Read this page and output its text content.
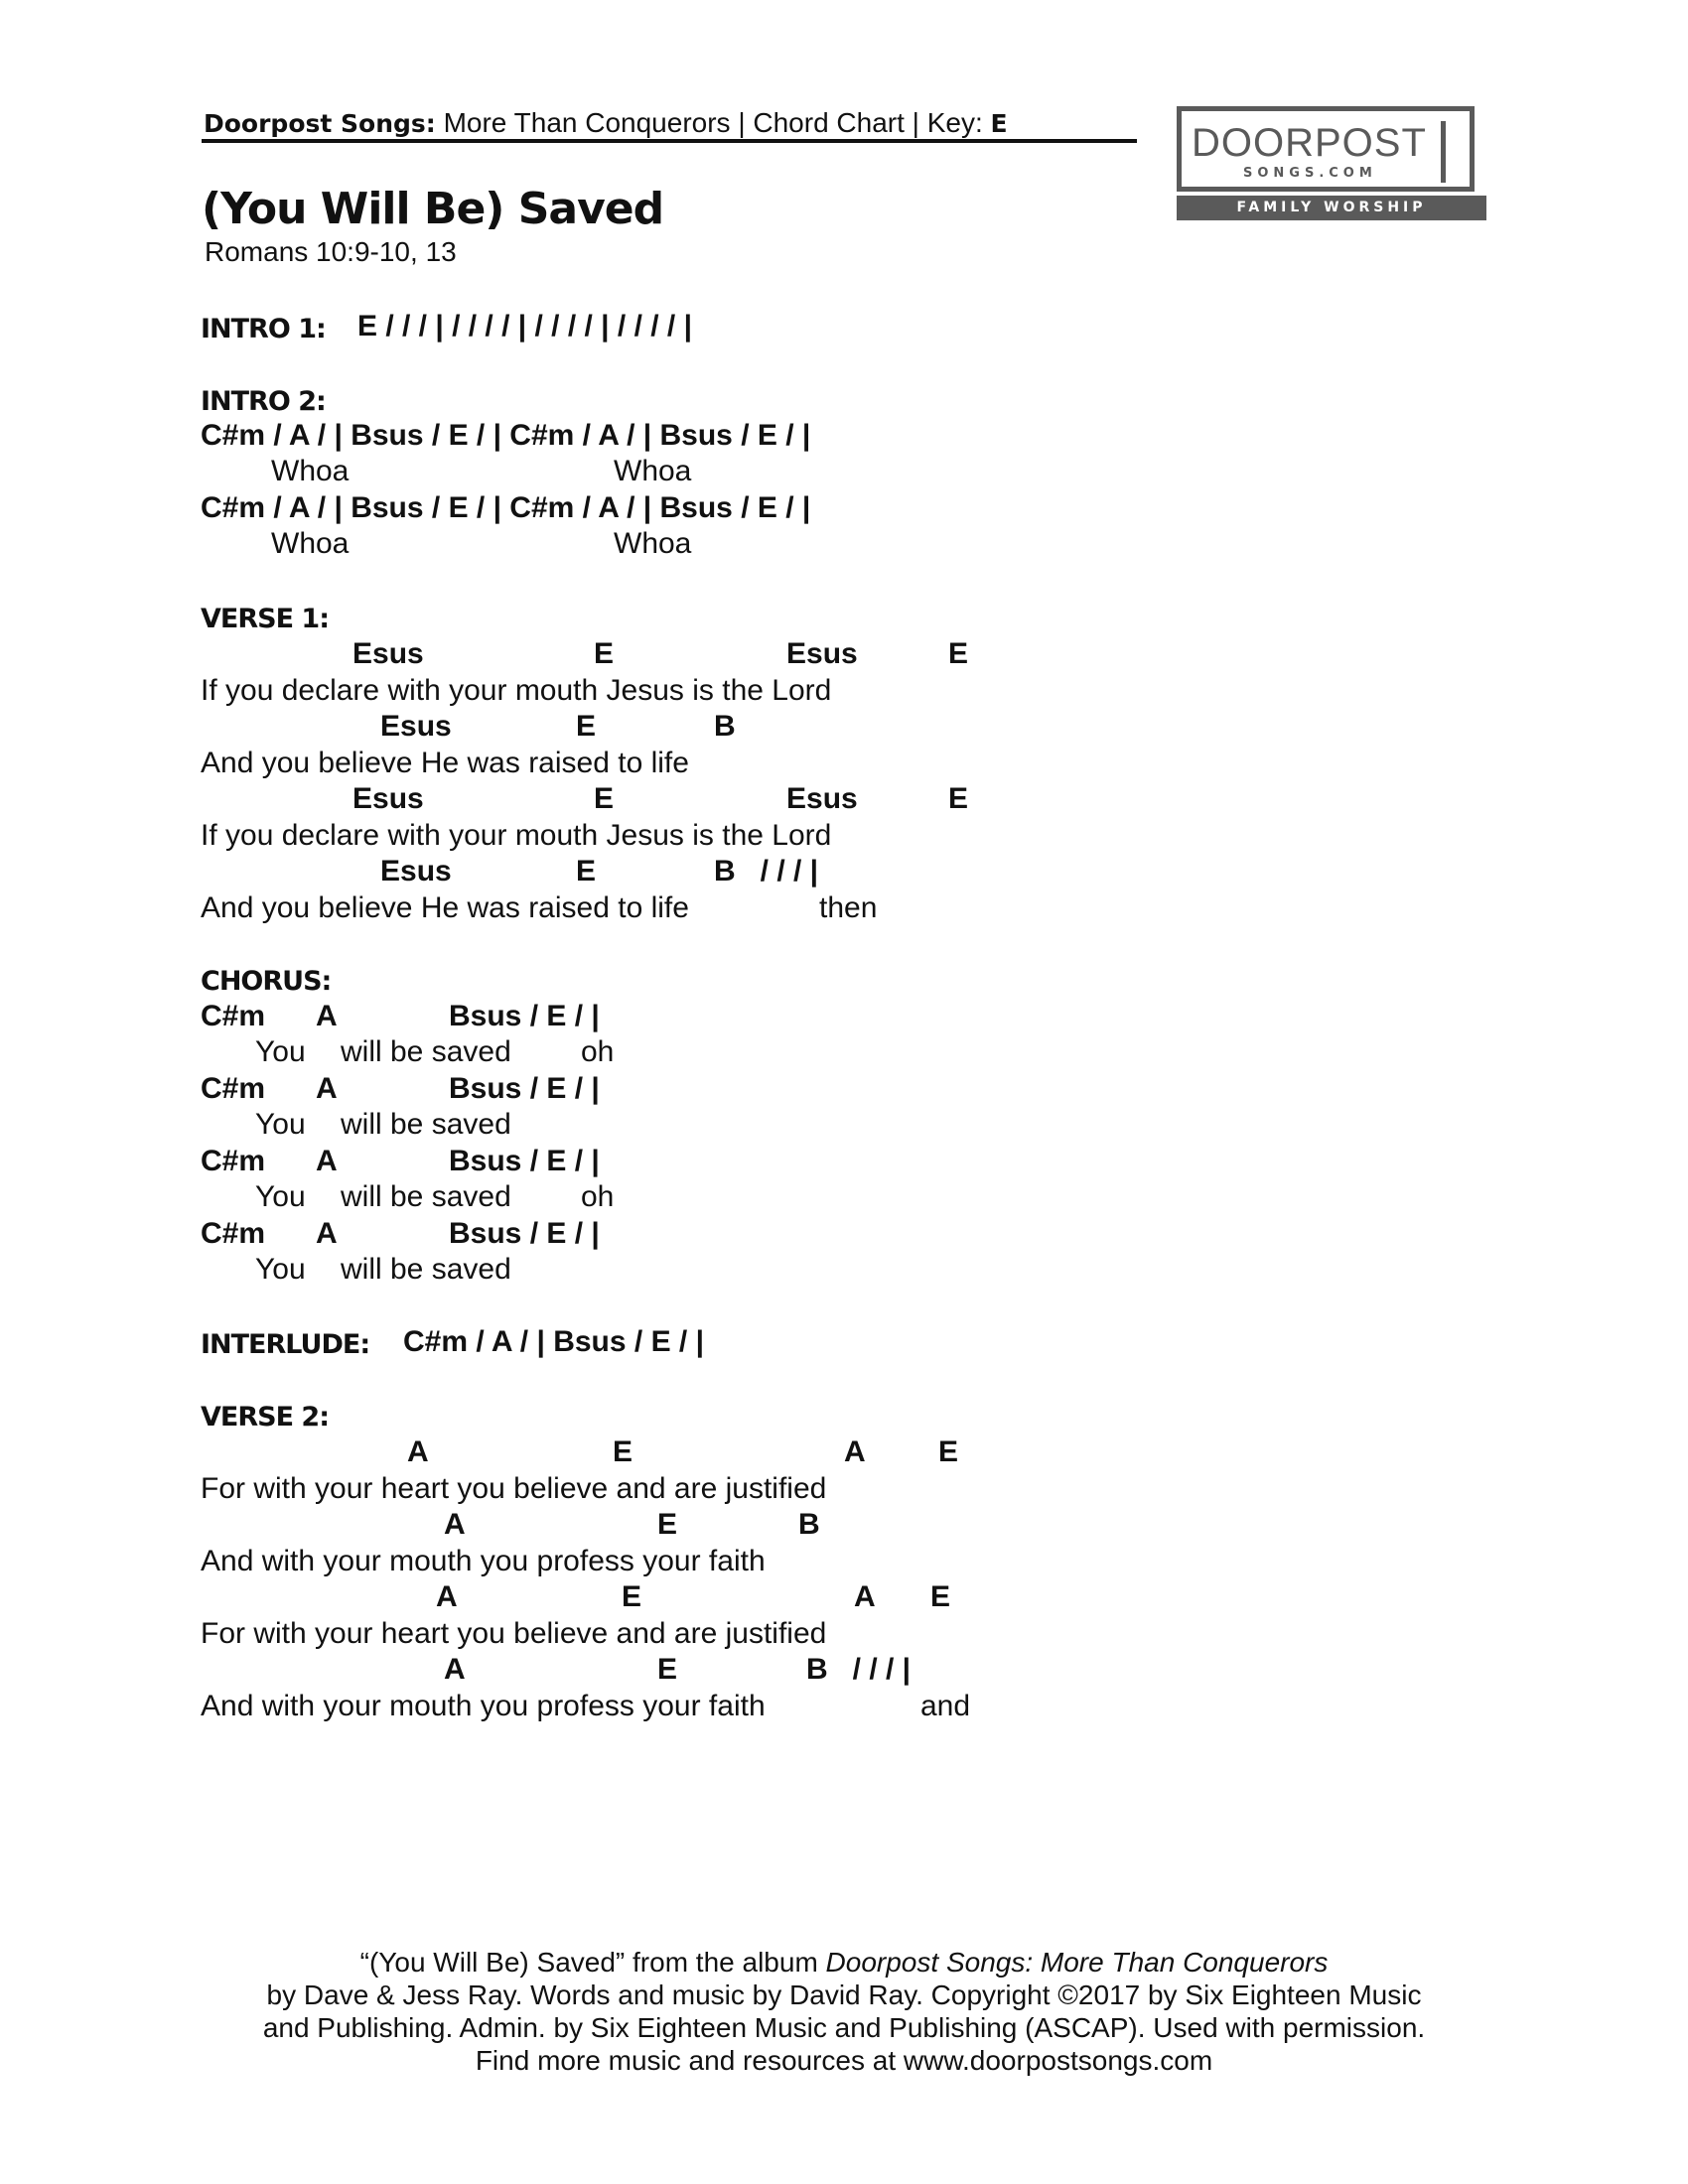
Doorpost Songs: More Than Conquerors | Chord Chart | Key: E	DOORPOST
SONGS.COM
FAMILY WORSHIP
(You Will Be) Saved
Romans 10:9-10, 13
INTRO 1: E / / / | / / / / | / / / / | / / / / |
INTRO 2:
C#m / A / | Bsus / E / | C#m / A / | Bsus / E / |
Whoa	Whoa
C#m / A / | Bsus / E / | C#m / A / | Bsus / E / |
Whoa	Whoa
VERSE 1:
Esus	E	Esus	E
If you declare with your mouth Jesus is the Lord
Esus	E	B
And you believe He was raised to life
Esus	E	Esus	E
If you declare with your mouth Jesus is the Lord
Esus	E	B   / / / |
And you believe He was raised to life	then
CHORUS:
C#m A	Bsus / E / |
You will be saved oh
C#m A	Bsus / E / |
You will be saved
C#m A	Bsus / E / |
You will be saved oh
C#m A	Bsus / E / |
You will be saved
INTERLUDE: C#m / A / | Bsus / E / |
VERSE 2:
A	E	A E
For with your heart you believe and are justified
A	E	B
And with your mouth you profess your faith
A	E	A E
For with your heart you believe and are justified
A	E	B   / / / |
And with your mouth you profess your faith	and

“(You Will Be) Saved” from the album Doorpost Songs: More Than Conquerors

by Dave & Jess Ray. Words and music by David Ray. Copyright ©2017 by Six Eighteen Music

and Publishing. Admin. by Six Eighteen Music and Publishing (ASCAP). Used with permission.

Find more music and resources at www.doorpostsongs.com
